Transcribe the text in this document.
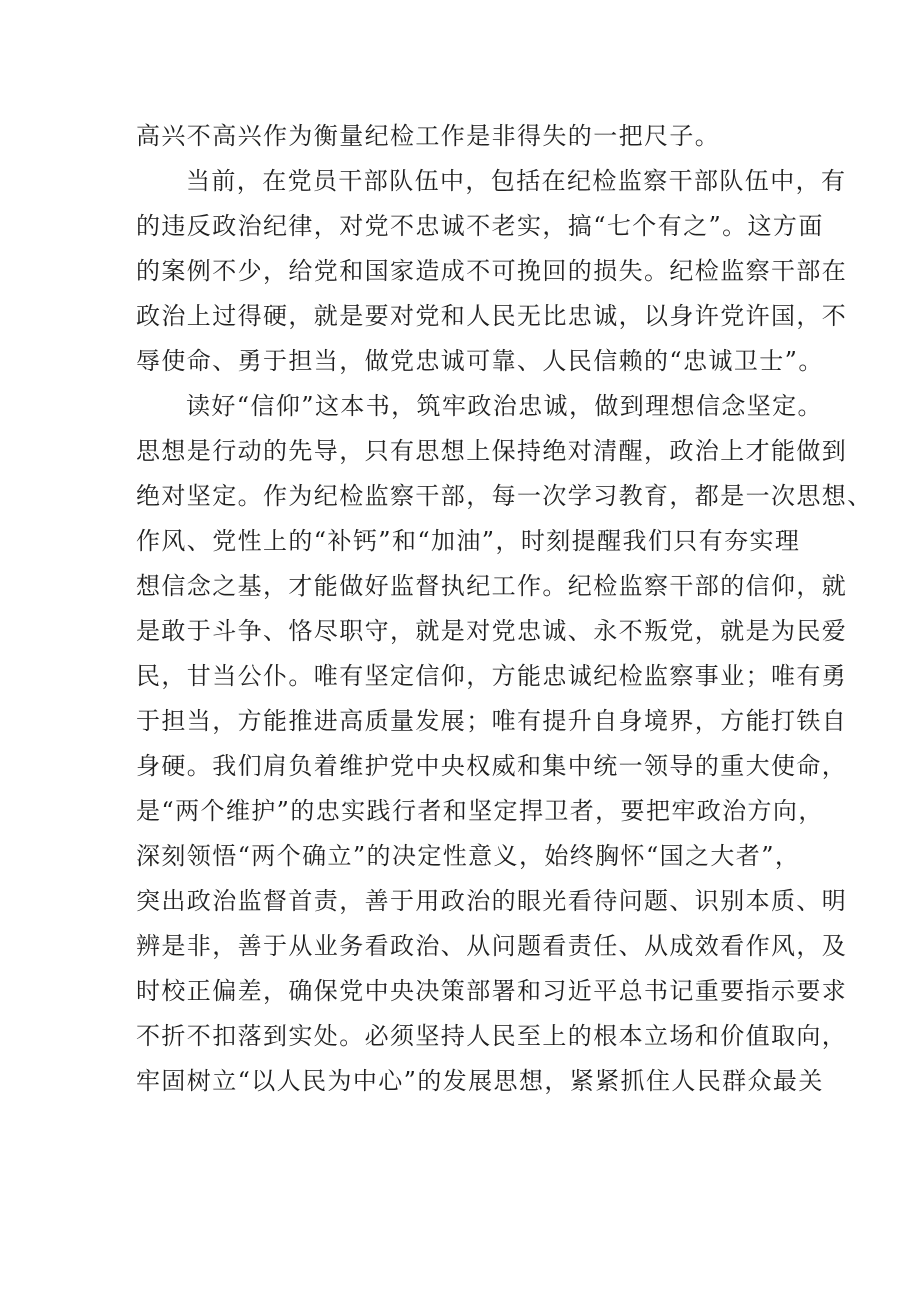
高兴不高兴作为衡量纪检工作是非得失的一把尺子。
当前，在党员干部队伍中，包括在纪检监察干部队伍中，有
的违反政治纪律，对党不忠诚不老实，搞“七个有之”。这方面
的案例不少，给党和国家造成不可挽回的损失。纪检监察干部在
政治上过得硬，就是要对党和人民无比忠诚，以身许党许国，不
辱使命、勇于担当，做党忠诚可靠、人民信赖的“忠诚卫士”。
读好“信仰”这本书，筑牢政治忠诚，做到理想信念坚定。
思想是行动的先导，只有思想上保持绝对清醒，政治上才能做到
绝对坚定。作为纪检监察干部，每一次学习教育，都是一次思想、
作风、党性上的“补钙”和“加油”，时刻提醒我们只有夯实理
想信念之基，才能做好监督执纪工作。纪检监察干部的信仰，就
是敢于斗争、恪尽职守，就是对党忠诚、永不叛党，就是为民爱
民，甘当公仆。唯有坚定信仰，方能忠诚纪检监察事业；唯有勇
于担当，方能推进高质量发展；唯有提升自身境界，方能打铁自
身硬。我们肩负着维护党中央权威和集中统一领导的重大使命，
是“两个维护”的忠实践行者和坚定捍卫者，要把牢政治方向，
深刻领悟“两个确立”的决定性意义，始终胸怀“国之大者”，
突出政治监督首责，善于用政治的眼光看待问题、识别本质、明
辨是非，善于从业务看政治、从问题看责任、从成效看作风，及
时校正偏差，确保党中央决策部署和习近平总书记重要指示要求
不折不扣落到实处。必须坚持人民至上的根本立场和价值取向，
牢固树立“以人民为中心”的发展思想，紧紧抓住人民群众最关
